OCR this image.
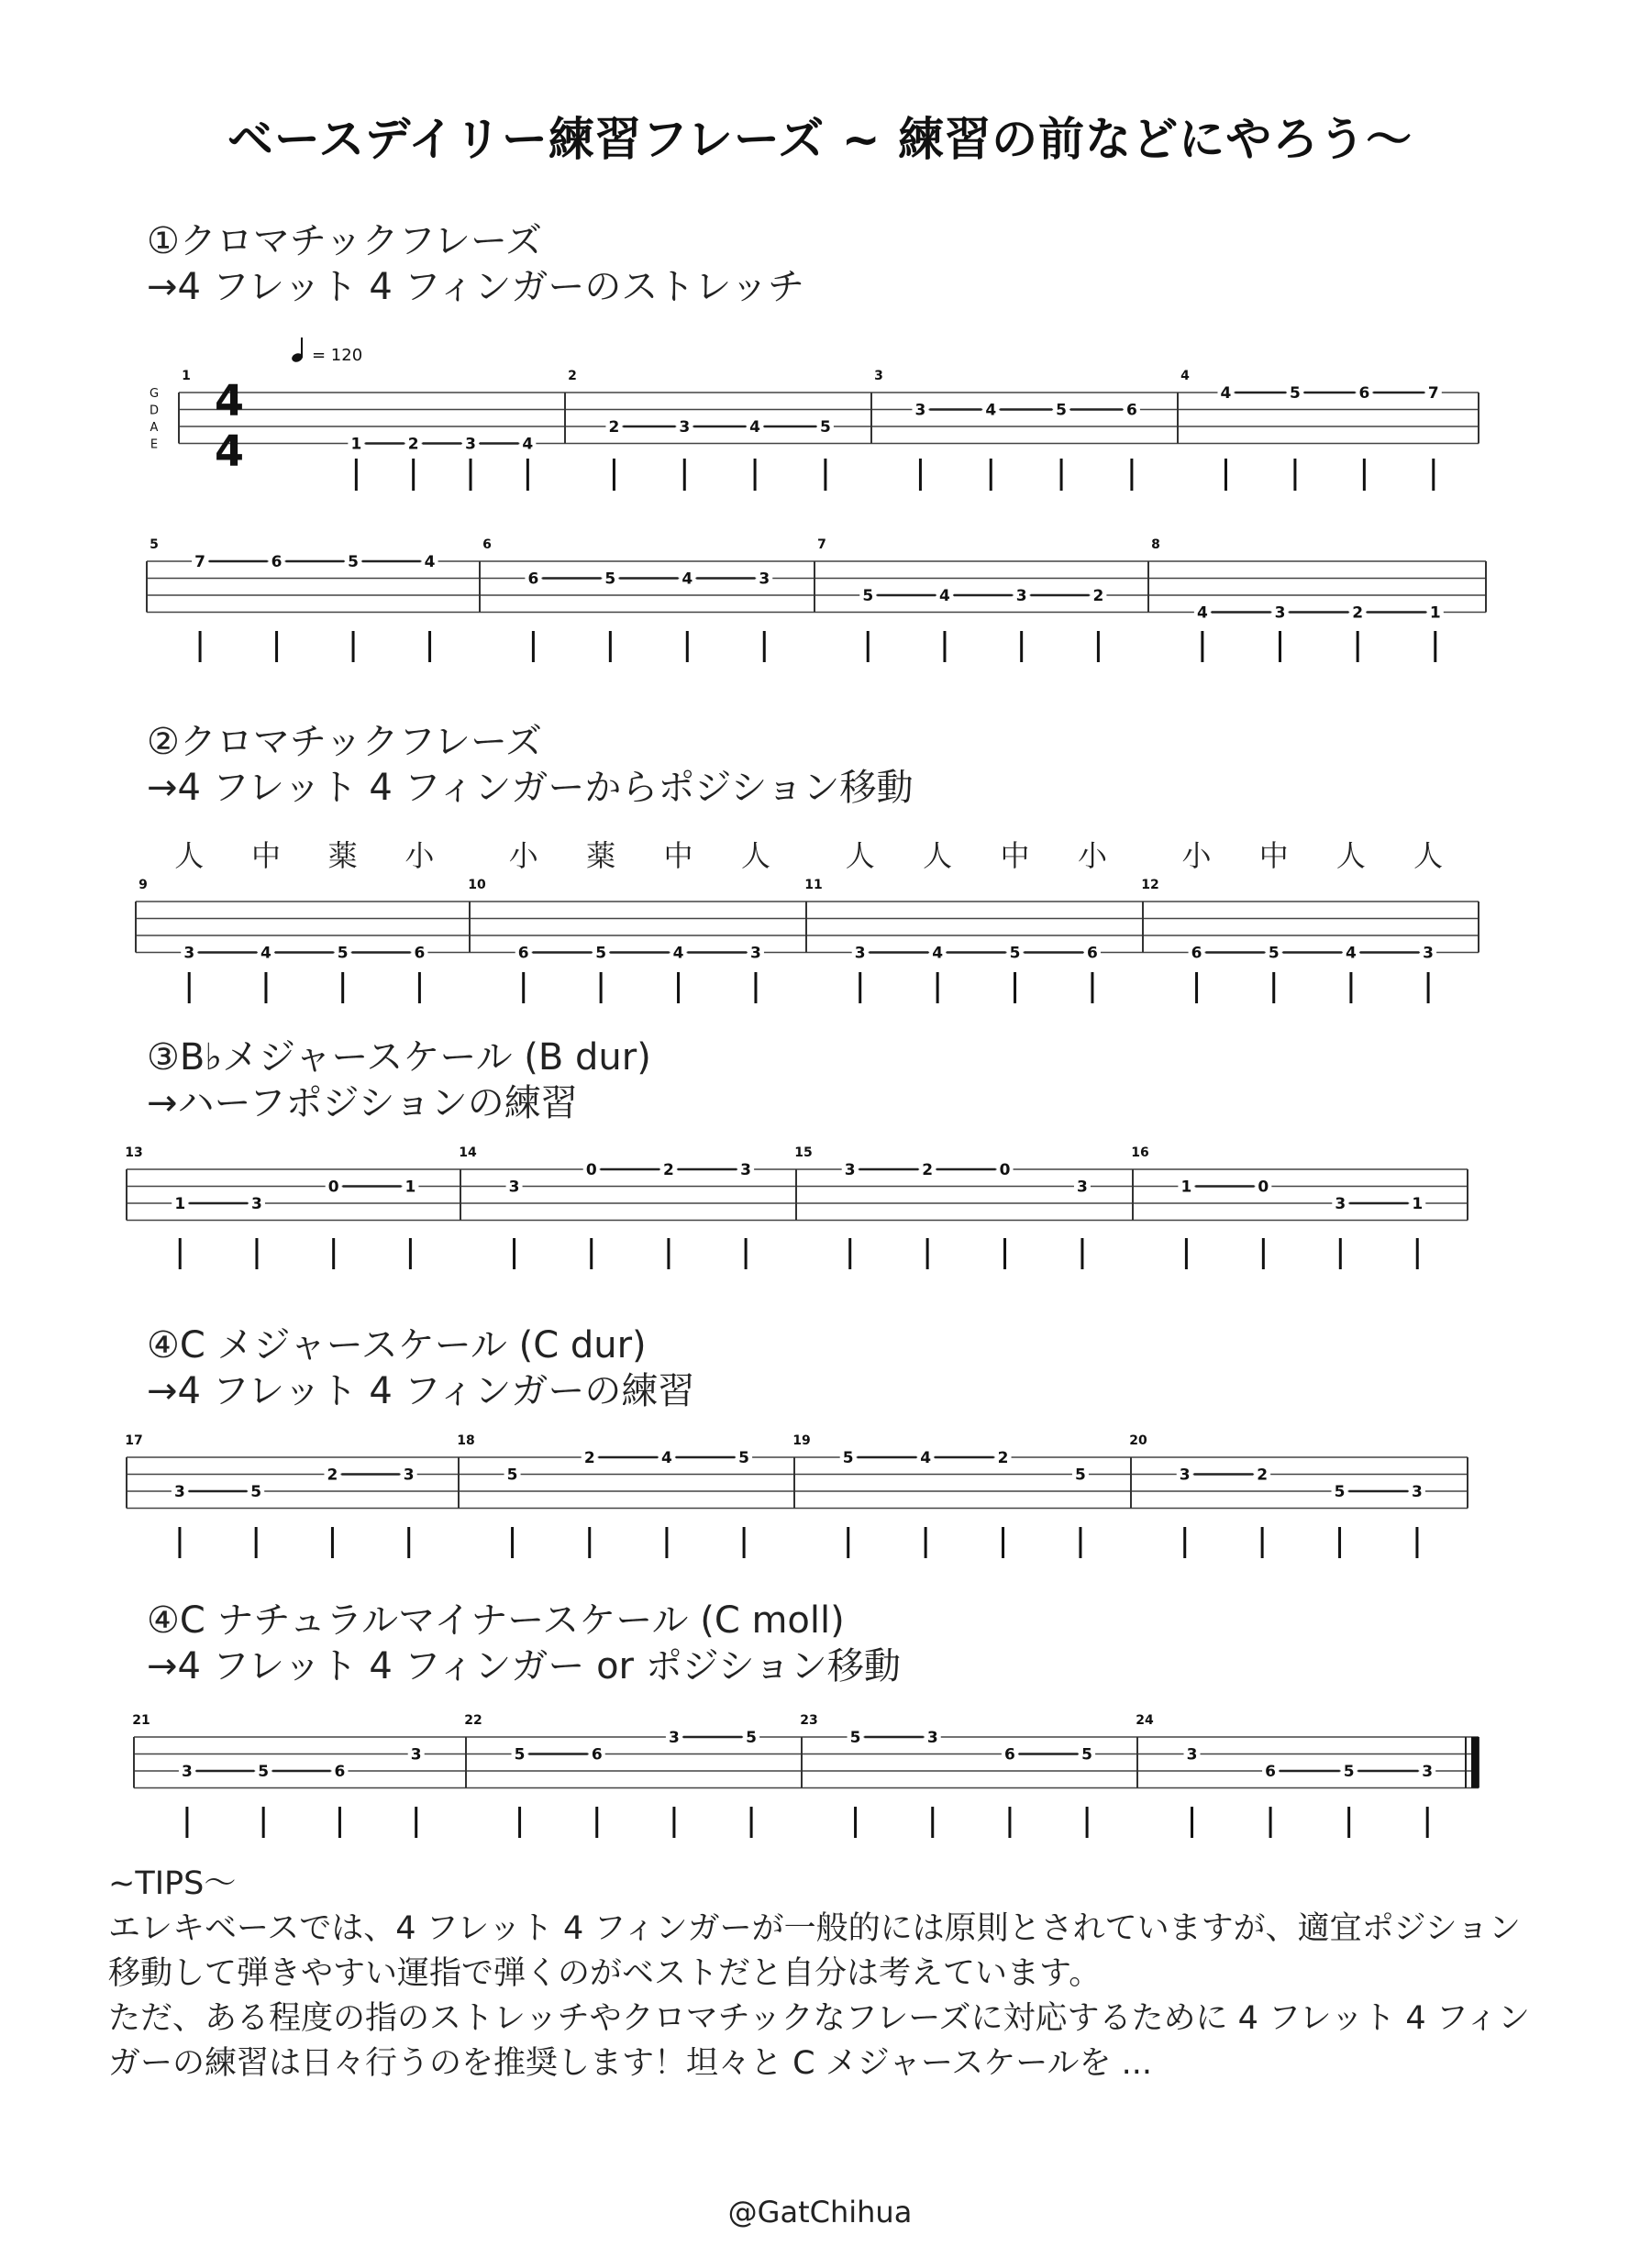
ベースデイリー練習フレーズ ~ 練習の前などにやろう〜
①クロマチックフレーズ
→4 フレット 4 フィンガーのストレッチ
②クロマチックフレーズ
→4 フレット 4 フィンガーからポジション移動
③B♭メジャースケール (B dur)
→ハーフポジションの練習
④C メジャースケール (C dur)
→4 フレット 4 フィンガーの練習
④C ナチュラルマイナースケール (C moll)
→4 フレット 4 フィンガー or ポジション移動
G
D
A
E
4
4
= 120
1
1	2	3	4
2
2	3	4	5
3
3	4	5	6
4
4	5	6	7
5
7	6	5	4
6
6	5	4	3
7
5	4	3	2
8
4	3	2	1
9
3	4	5	6
人 中 薬 小
10
6	5	4	3
小 薬 中 人
11
3	4	5	6
人 人 中 小
12
6	5	4	3
小 中 人 人
13
1	3
0	1
14
3
0	2	3
15
3	2	0
3
16
1	0
3	1
17
3	5
2	3
18
5
2	4	5
19
5	4	2
5
20
3	2
5	3
21
3	5	6
3
22
5	6
3	5
23
5	3
6	5
24
3
6	5	3

~TIPS〜

エレキベースでは、4 フレット 4 フィンガーが一般的には原則とされていますが、適宜ポジション移動して弾きやすい運指で弾くのがベストだと自分は考えています。

ただ、ある程度の指のストレッチやクロマチックなフレーズに対応するために 4 フレット 4 フィンガーの練習は日々行うのを推奨します！坦々と C メジャースケールを ...

@GatChihua
